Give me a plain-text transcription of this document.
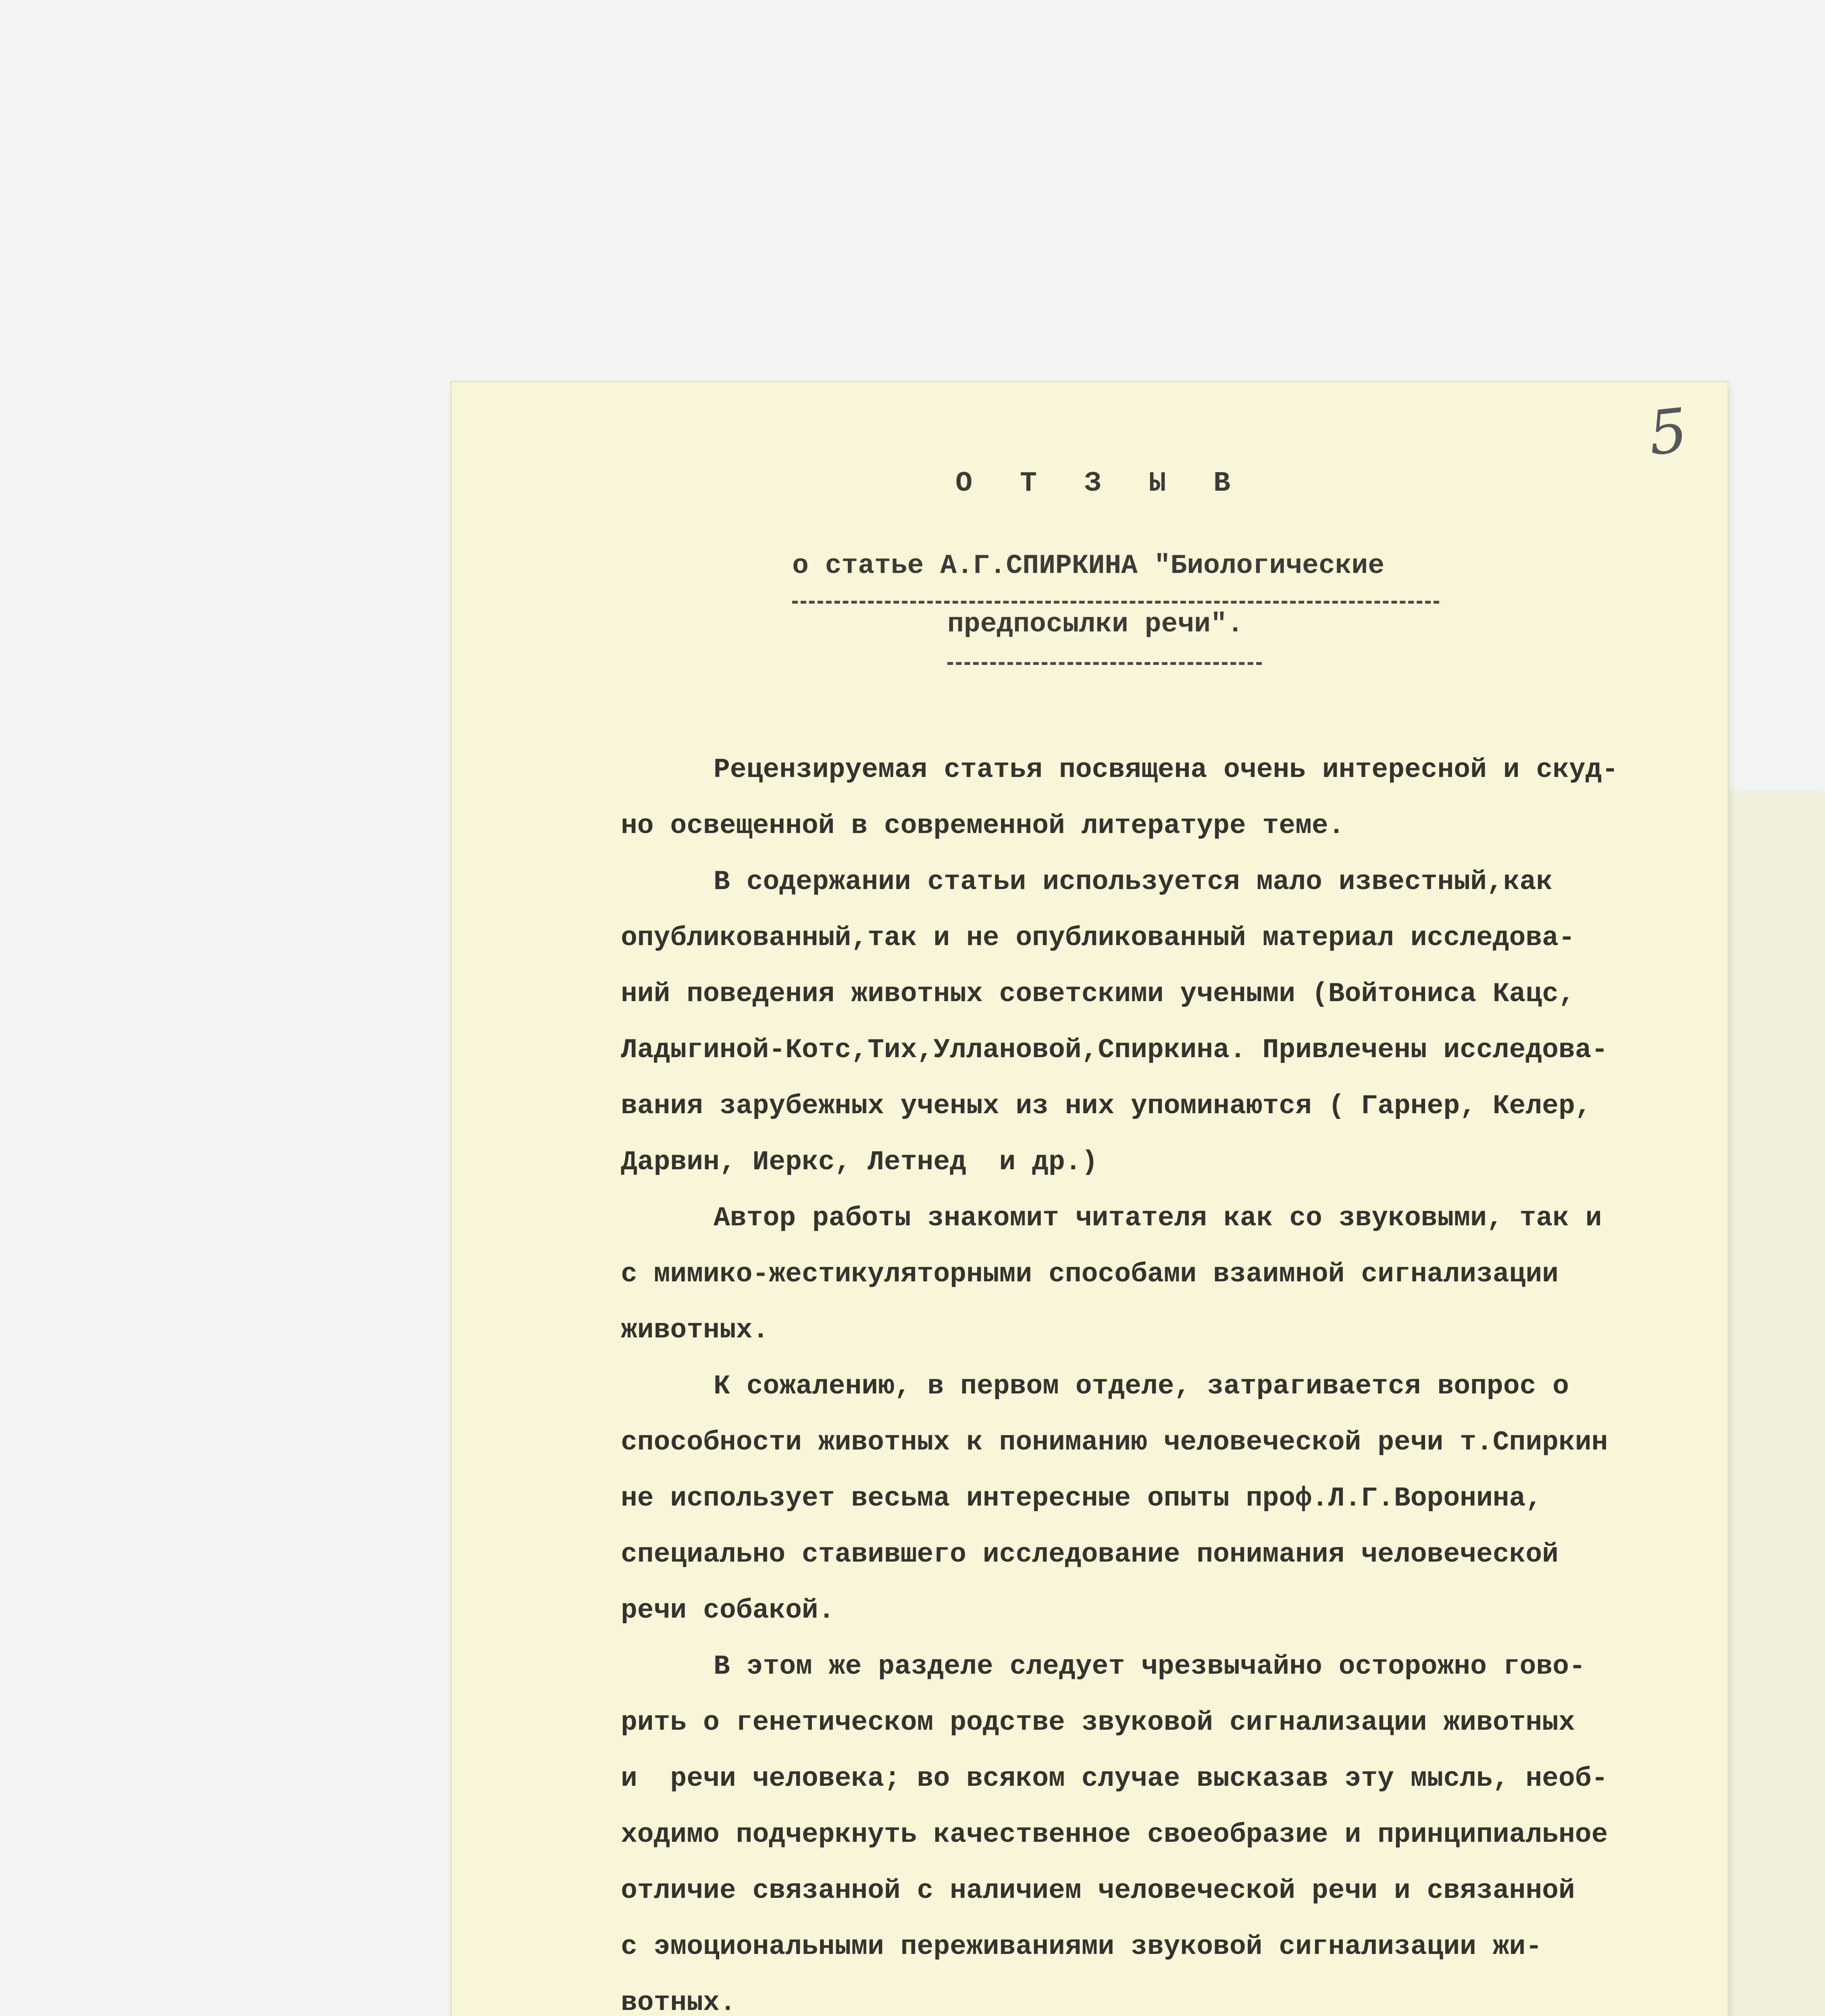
5
О Т З Ы В
о статье А.Г.СПИРКИНА "Биологические
предпосылки речи".
Рецензируемая статья посвящена очень интересной и скуд-
но освещенной в современной литературе теме.
В содержании статьи используется мало известный,как
опубликованный,так и не опубликованный материал исследова-
ний поведения животных советскими учеными (Войтониса Кацс,
Ладыгиной-Котс,Тих,Уллановой,Спиркина. Привлечены исследова-
вания зарубежных ученых из них упоминаются ( Гарнер, Келер,
Дарвин, Иеркс, Летнед  и др.)
Автор работы знакомит читателя как со звуковыми, так и
с мимико-жестикуляторными способами взаимной сигнализации
животных.
К сожалению, в первом отделе, затрагивается вопрос о
способности животных к пониманию человеческой речи т.Спиркин
не использует весьма интересные опыты проф.Л.Г.Воронина,
специально ставившего исследование понимания человеческой
речи собакой.
В этом же разделе следует чрезвычайно осторожно гово-
рить о генетическом родстве звуковой сигнализации животных
и  речи человека; во всяком случае высказав эту мысль, необ-
ходимо подчеркнуть качественное своеобразие и принципиальное
отличие связанной с наличием человеческой речи и связанной
с эмоциональными переживаниями звуковой сигнализации жи-
вотных.
